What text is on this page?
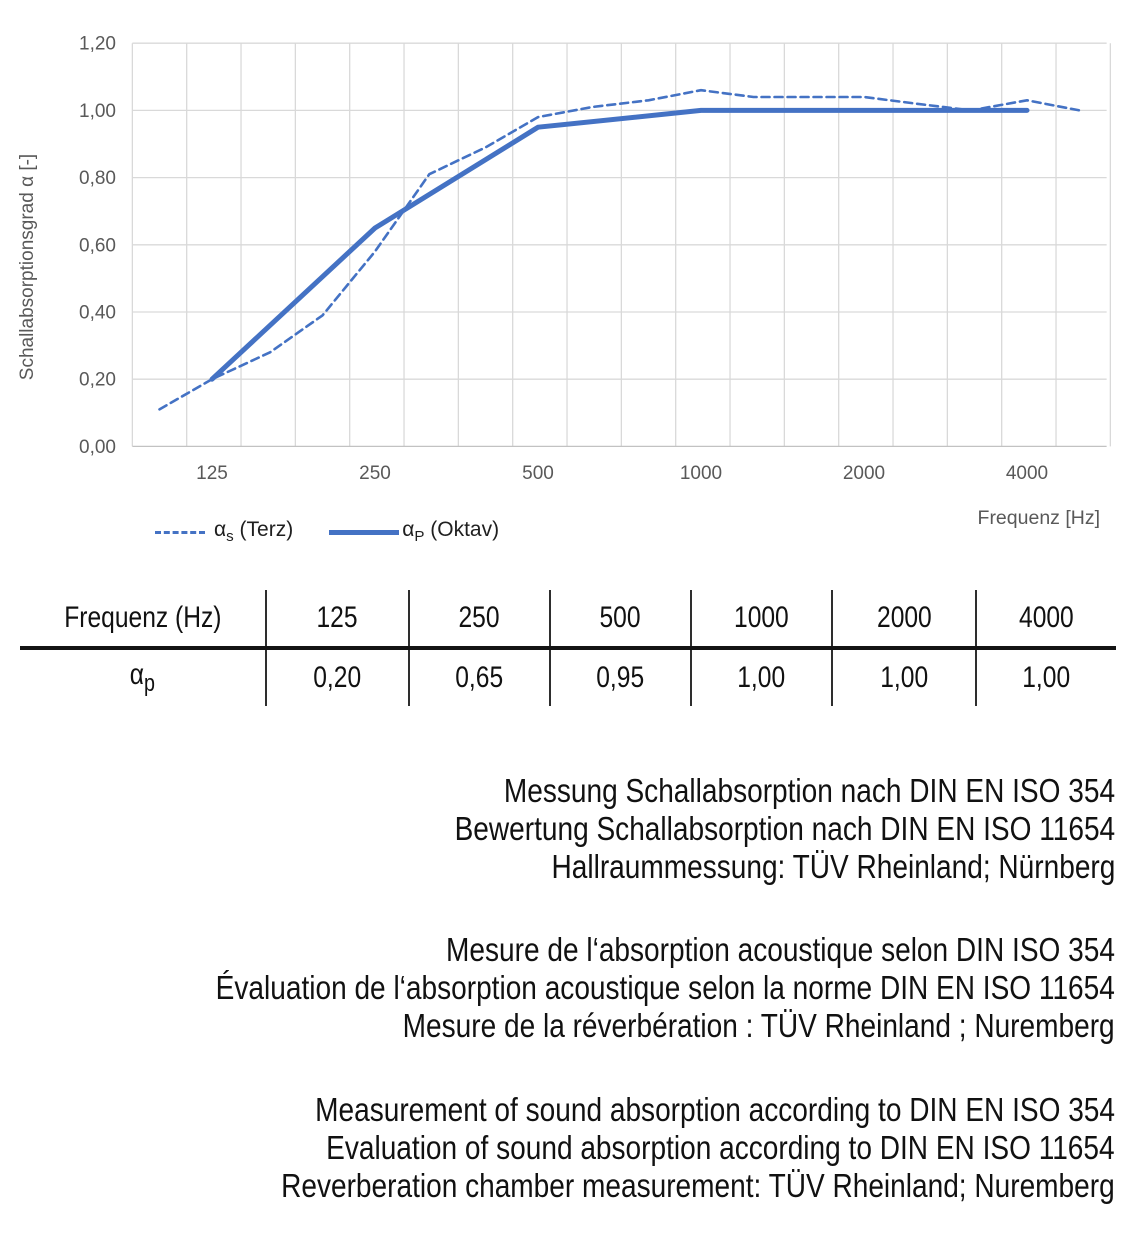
0,00
0,20
0,40
0,60
0,80
1,00
1,20
125	250	500	1000	2000	4000
Schallabsorptionsgrad α [-]
Frequenz [Hz]
$\alpha_s$ (Terz)	$\alpha_P$ (Oktav)
Frequenz (Hz)	125	250	500	1000	2000	4000
$\alpha_p$	0,20	0,65	0,95	1,00	1,00	1,00
Messung Schallabsorption nach DIN EN ISO 354
Bewertung Schallabsorption nach DIN EN ISO 11654
Hallraummessung: TÜV Rheinland; Nürnberg
Mesure de l‘absorption acoustique selon DIN ISO 354
Évaluation de l‘absorption acoustique selon la norme DIN EN ISO 11654
Mesure de la réverbération : TÜV Rheinland ; Nuremberg
Measurement of sound absorption according to DIN EN ISO 354
Evaluation of sound absorption according to DIN EN ISO 11654
Reverberation chamber measurement: TÜV Rheinland; Nuremberg
